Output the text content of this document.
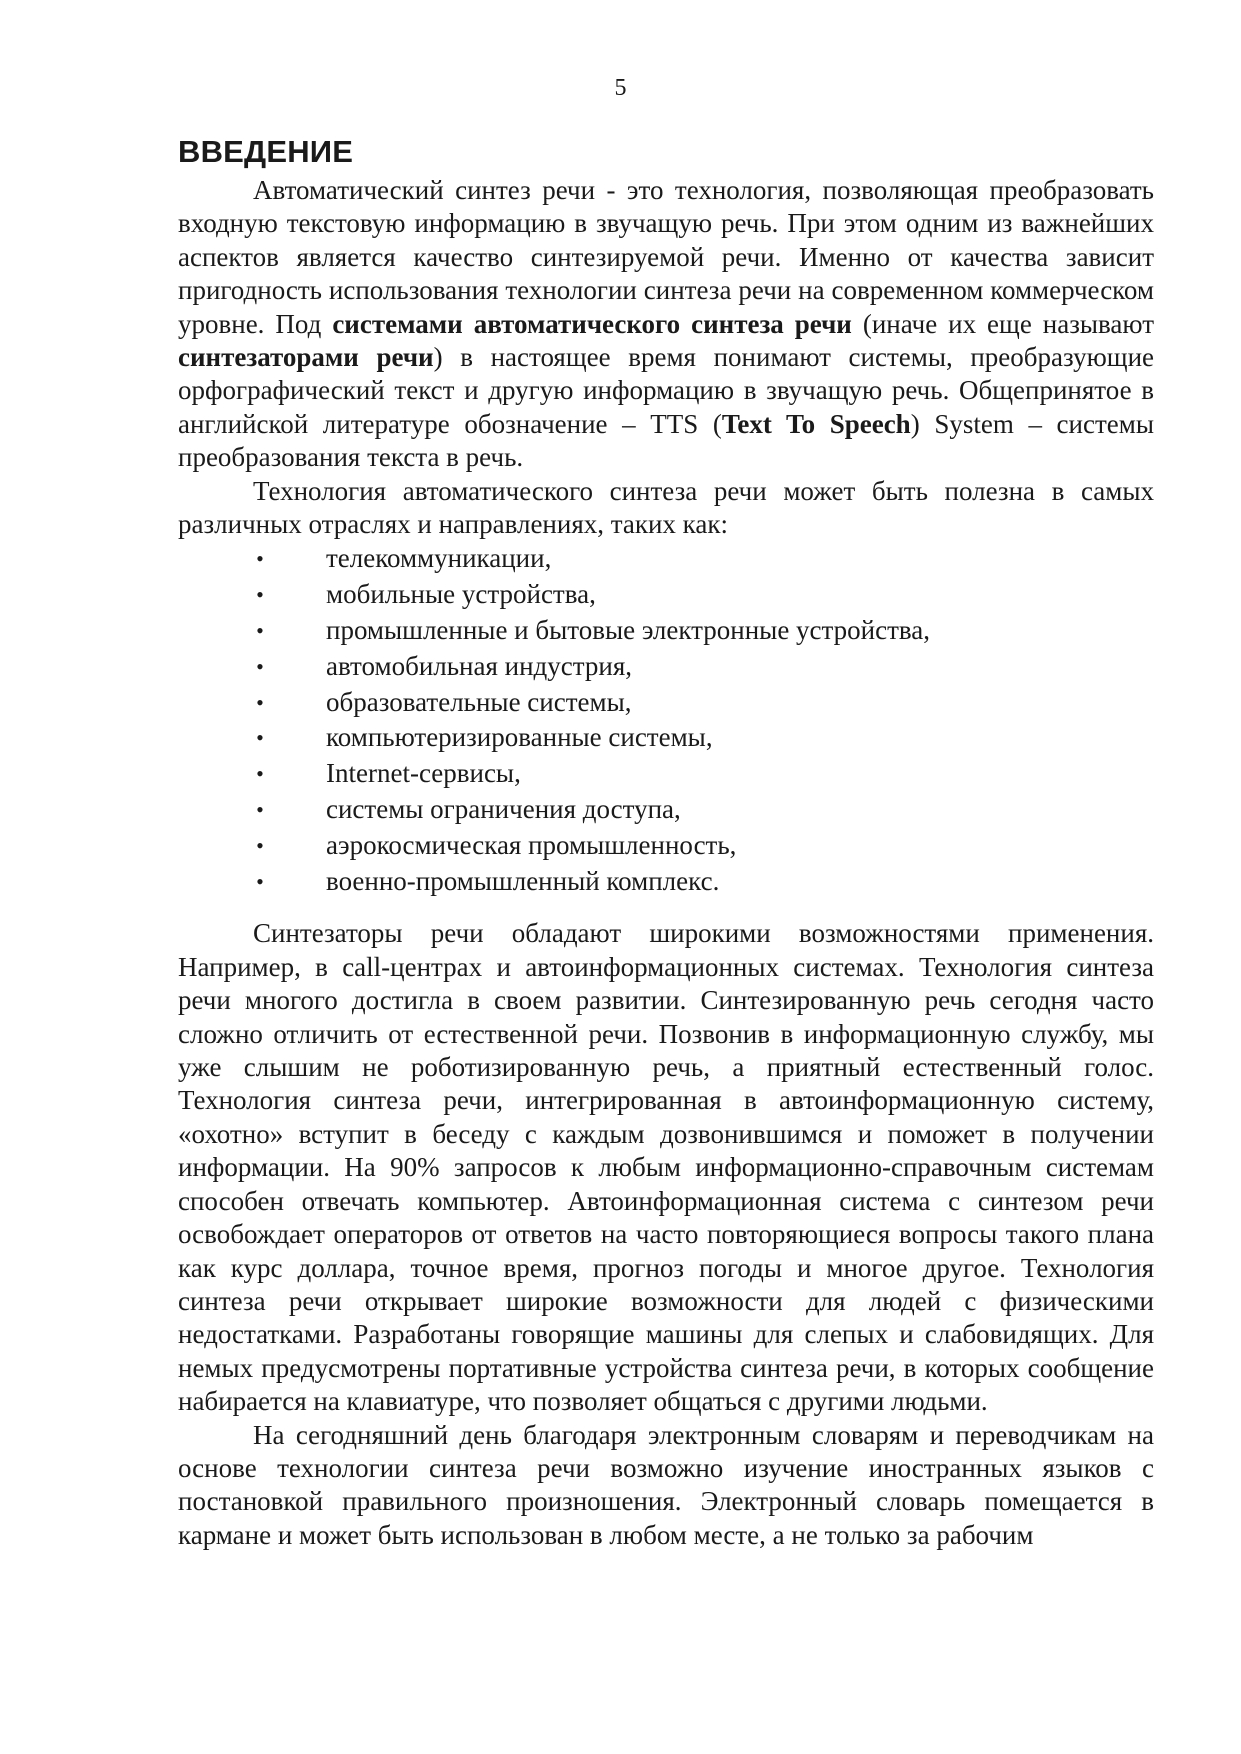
5
ВВЕДЕНИЕ

Автоматический синтез речи - это технология, позволяющая преобразовать входную текстовую информацию в звучащую речь. При этом одним из важнейших аспектов является качество синтезируемой речи. Именно от качества зависит пригодность использования технологии синтеза речи на современном коммерческом уровне. Под системами автоматического синтеза речи (иначе их еще называют синтезаторами речи) в настоящее время понимают системы, преобразующие орфографический текст и другую информацию в звучащую речь. Общепринятое в английской литературе обозначение – TTS (Text To Speech) System – системы преобразования текста в речь.

Технология автоматического синтеза речи может быть полезна в самых различных отраслях и направлениях, таких как:

• телекоммуникации,
• мобильные устройства,
• промышленные и бытовые электронные устройства,
• автомобильная индустрия,
• образовательные системы,
• компьютеризированные системы,
• Internet-сервисы,
• системы ограничения доступа,
• аэрокосмическая промышленность,
• военно-промышленный комплекс.

Синтезаторы речи обладают широкими возможностями применения. Например, в call-центрах и автоинформационных системах. Технология синтеза речи многого достигла в своем развитии. Синтезированную речь сегодня часто сложно отличить от естественной речи. Позвонив в информационную службу, мы уже слышим не роботизированную речь, а приятный естественный голос. Технология синтеза речи, интегрированная в автоинформационную систему, «охотно» вступит в беседу с каждым дозвонившимся и поможет в получении информации. На 90% запросов к любым информационно-справочным системам способен отвечать компьютер. Автоинформационная система с синтезом речи освобождает операторов от ответов на часто повторяющиеся вопросы такого плана как курс доллара, точное время, прогноз погоды и многое другое. Технология синтеза речи открывает широкие возможности для людей с физическими недостатками. Разработаны говорящие машины для слепых и слабовидящих. Для немых предусмотрены портативные устройства синтеза речи, в которых сообщение набирается на клавиатуре, что позволяет общаться с другими людьми.

На сегодняшний день благодаря электронным словарям и переводчикам на основе технологии синтеза речи возможно изучение иностранных языков с постановкой правильного произношения. Электронный словарь помещается в кармане и может быть использован в любом месте, а не только за рабочим
